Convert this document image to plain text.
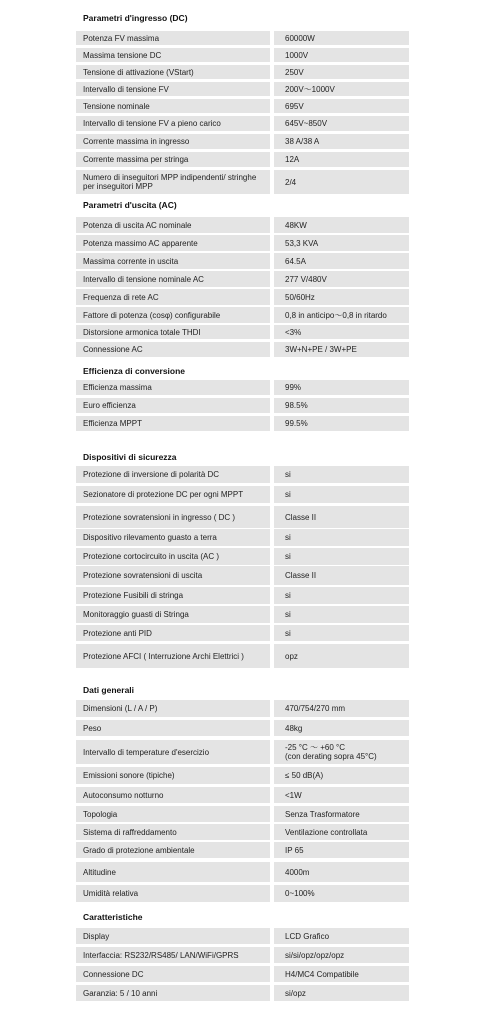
Parametri d'ingresso (DC)
Potenza FV massima	60000W
Massima tensione DC	1000V
Tensione di attivazione (VStart)	250V
Intervallo di tensione FV	200V～1000V
Tensione nominale	695V
Intervallo di tensione FV a pieno carico	645V~850V
Corrente massima in ingresso	38 A/38 A
Corrente massima per stringa	12A
Numero di inseguitori MPP indipendenti/ stringhe per inseguitori MPP	2/4
Parametri d'uscita (AC)
Potenza di uscita AC nominale	48KW
Potenza massimo AC apparente	53,3 KVA
Massima corrente in uscita	64.5A
Intervallo di tensione nominale AC	277 V/480V
Frequenza di rete AC	50/60Hz
Fattore di potenza (cosφ) configurabile	0,8 in anticipo～0,8 in ritardo
Distorsione armonica totale THDI	<3%
Connessione AC	3W+N+PE / 3W+PE
Efficienza di conversione
Efficienza massima	99%
Euro efficienza	98.5%
Efficienza MPPT	99.5%
Dispositivi di sicurezza
Protezione di inversione di polarità DC	si
Sezionatore di protezione DC per ogni MPPT	si
Protezione sovratensioni in ingresso ( DC )	Classe II
Dispositivo rilevamento guasto a terra	si
Protezione cortocircuito in uscita (AC )	si
Protezione sovratensioni di uscita	Classe II
Protezione Fusibili di stringa	si
Monitoraggio guasti di Stringa	si
Protezione anti PID	si
Protezione AFCI ( Interruzione Archi Elettrici )	opz
Dati generali
Dimensioni (L / A / P)	470/754/270 mm
Peso	48kg
Intervallo di temperature d'esercizio	-25 °C ～ +60 °C
(con derating sopra 45°C)
Emissioni sonore (tipiche)	≤ 50 dB(A)
Autoconsumo notturno	<1W
Topologia	Senza Trasformatore
Sistema di raffreddamento	Ventilazione controllata
Grado di protezione ambientale	IP 65
Altitudine	4000m
Umidità relativa	0~100%
Caratteristiche
Display	LCD Grafico
Interfaccia: RS232/RS485/ LAN/WiFi/GPRS	si/si/opz/opz/opz
Connessione DC	H4/MC4 Compatibile
Garanzia: 5 / 10 anni	si/opz
